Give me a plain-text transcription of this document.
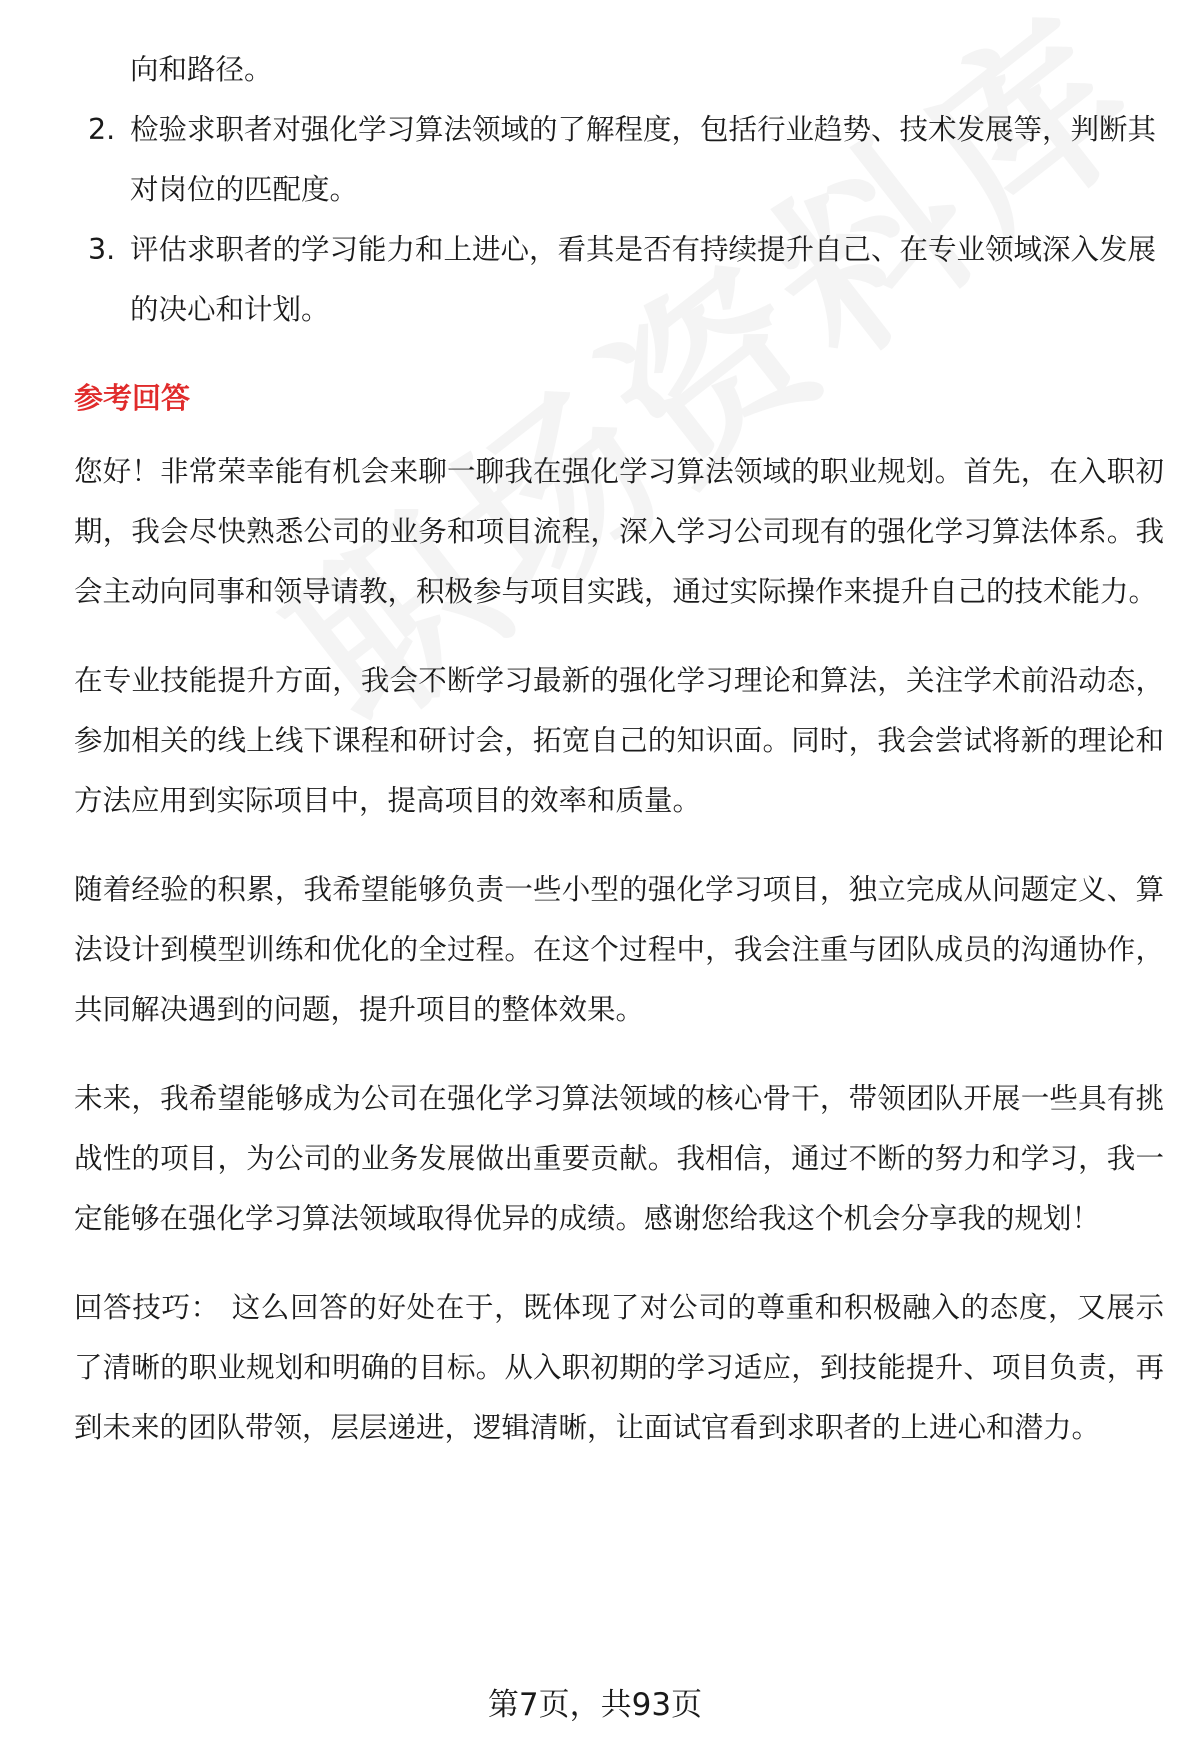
向和路径。
2. 检验求职者对强化学习算法领域的了解程度，包括行业趋势、技术发展等，判断其对岗位的匹配度。
3. 评估求职者的学习能力和上进心，看其是否有持续提升自己、在专业领域深入发展的决心和计划。
参考回答

您好！非常荣幸能有机会来聊一聊我在强化学习算法领域的职业规划。首先，在入职初期，我会尽快熟悉公司的业务和项目流程，深入学习公司现有的强化学习算法体系。我会主动向同事和领导请教，积极参与项目实践，通过实际操作来提升自己的技术能力。

在专业技能提升方面，我会不断学习最新的强化学习理论和算法，关注学术前沿动态，参加相关的线上线下课程和研讨会，拓宽自己的知识面。同时，我会尝试将新的理论和方法应用到实际项目中，提高项目的效率和质量。

随着经验的积累，我希望能够负责一些小型的强化学习项目，独立完成从问题定义、算法设计到模型训练和优化的全过程。在这个过程中，我会注重与团队成员的沟通协作，共同解决遇到的问题，提升项目的整体效果。

未来，我希望能够成为公司在强化学习算法领域的核心骨干，带领团队开展一些具有挑战性的项目，为公司的业务发展做出重要贡献。我相信，通过不断的努力和学习，我一定能够在强化学习算法领域取得优异的成绩。感谢您给我这个机会分享我的规划！

回答技巧： 这么回答的好处在于，既体现了对公司的尊重和积极融入的态度，又展示了清晰的职业规划和明确的目标。从入职初期的学习适应，到技能提升、项目负责，再到未来的团队带领，层层递进，逻辑清晰，让面试官看到求职者的上进心和潜力。

第7页，共93页
